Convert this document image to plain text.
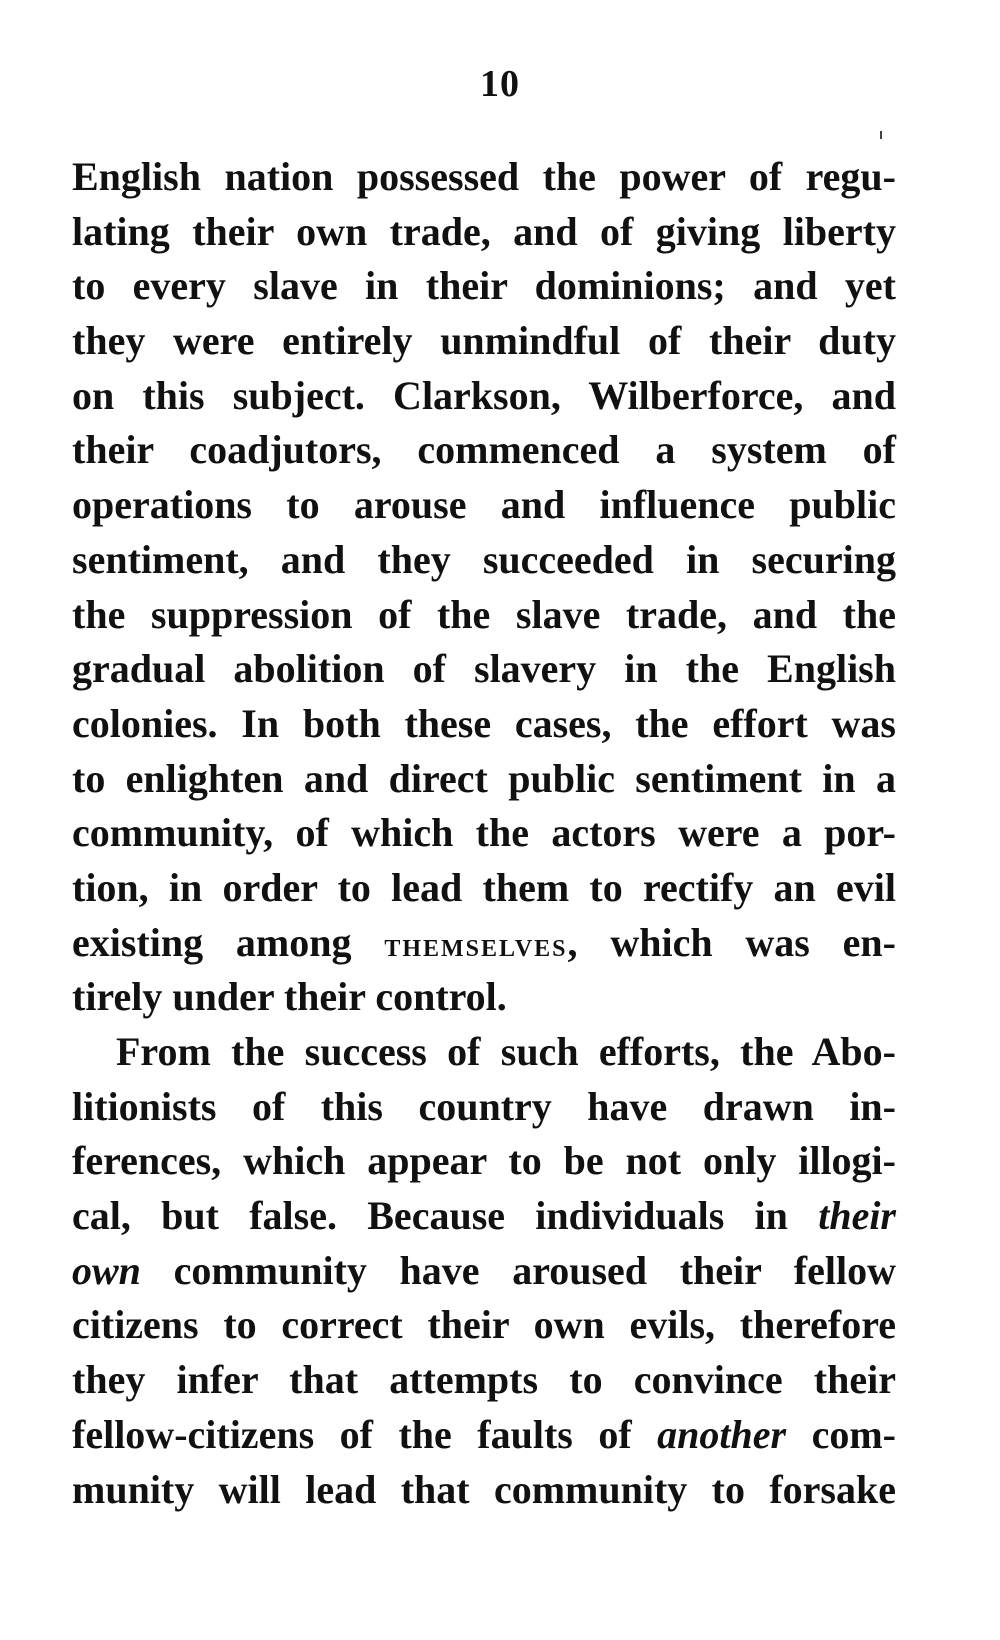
10
English nation possessed the power of regu-
lating their own trade, and of giving liberty
to every slave in their dominions; and yet
they were entirely unmindful of their duty
on this subject. Clarkson, Wilberforce, and
their coadjutors, commenced a system of
operations to arouse and influence public
sentiment, and they succeeded in securing
the suppression of the slave trade, and the
gradual abolition of slavery in the English
colonies. In both these cases, the effort was
to enlighten and direct public sentiment in a
community, of which the actors were a por-
tion, in order to lead them to rectify an evil
existing among themselves, which was en-
tirely under their control.
From the success of such efforts, the Abo-
litionists of this country have drawn in-
ferences, which appear to be not only illogi-
cal, but false. Because individuals in their
own community have aroused their fellow
citizens to correct their own evils, therefore
they infer that attempts to convince their
fellow-citizens of the faults of another com-
munity will lead that community to forsake
